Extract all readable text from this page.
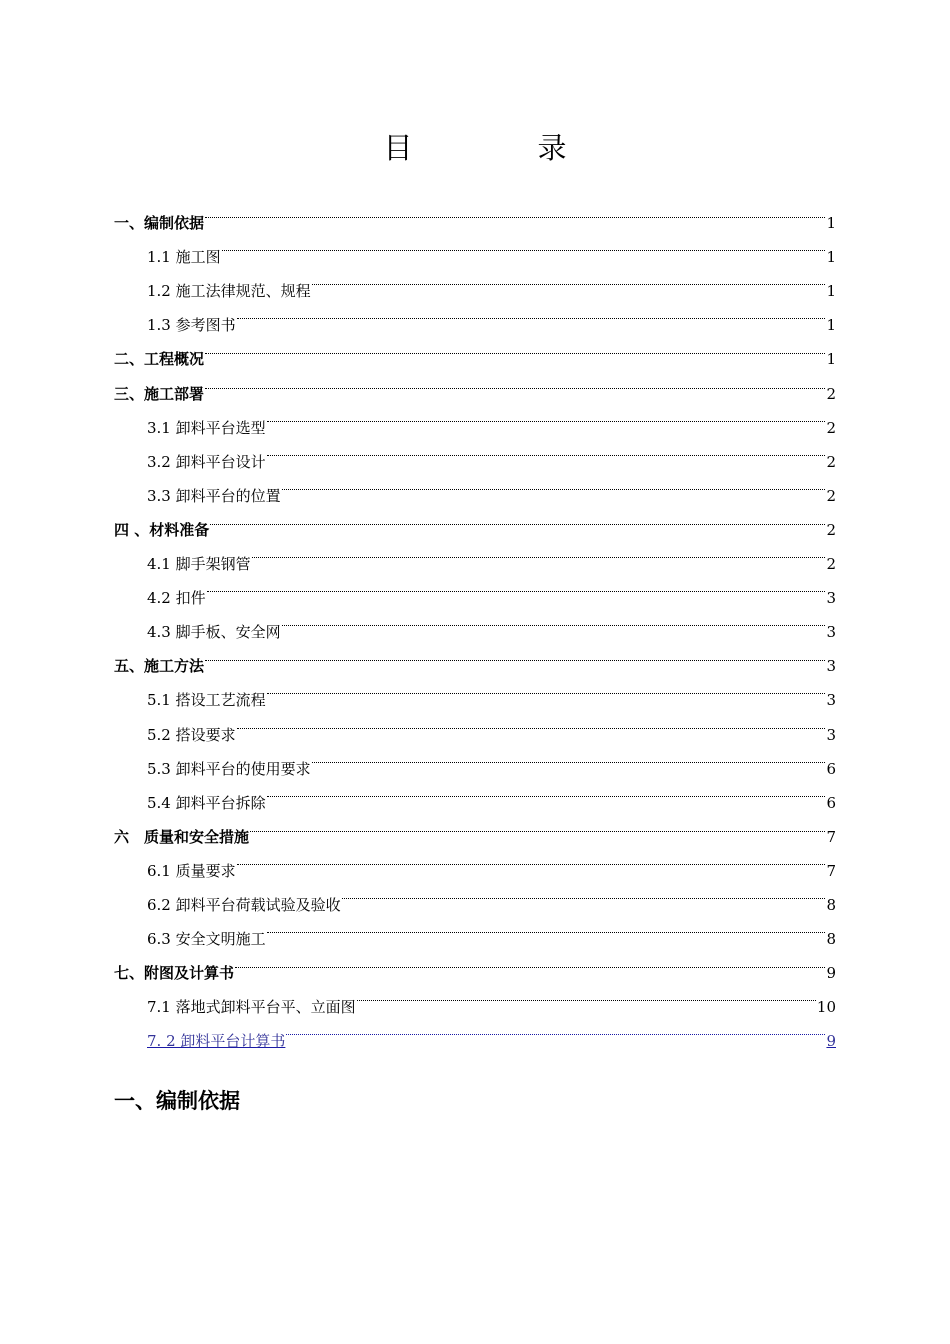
目　录
一、编制依据	1
1.1 施工图	1
1.2 施工法律规范、规程	1
1.3 参考图书	1
二、工程概况	1
三、施工部署	2
3.1 卸料平台选型	2
3.2 卸料平台设计	2
3.3 卸料平台的位置	2
四 、材料准备	2
4.1 脚手架钢管	2
4.2 扣件	3
4.3 脚手板、安全网	3
五、施工方法	3
5.1 搭设工艺流程	3
5.2 搭设要求	3
5.3 卸料平台的使用要求	6
5.4 卸料平台拆除	6
六　质量和安全措施	7
6.1 质量要求	7
6.2 卸料平台荷载试验及验收	8
6.3 安全文明施工	8
七、附图及计算书	9
7.1 落地式卸料平台平、立面图	10
7. 2 卸料平台计算书	9
一、编制依据
